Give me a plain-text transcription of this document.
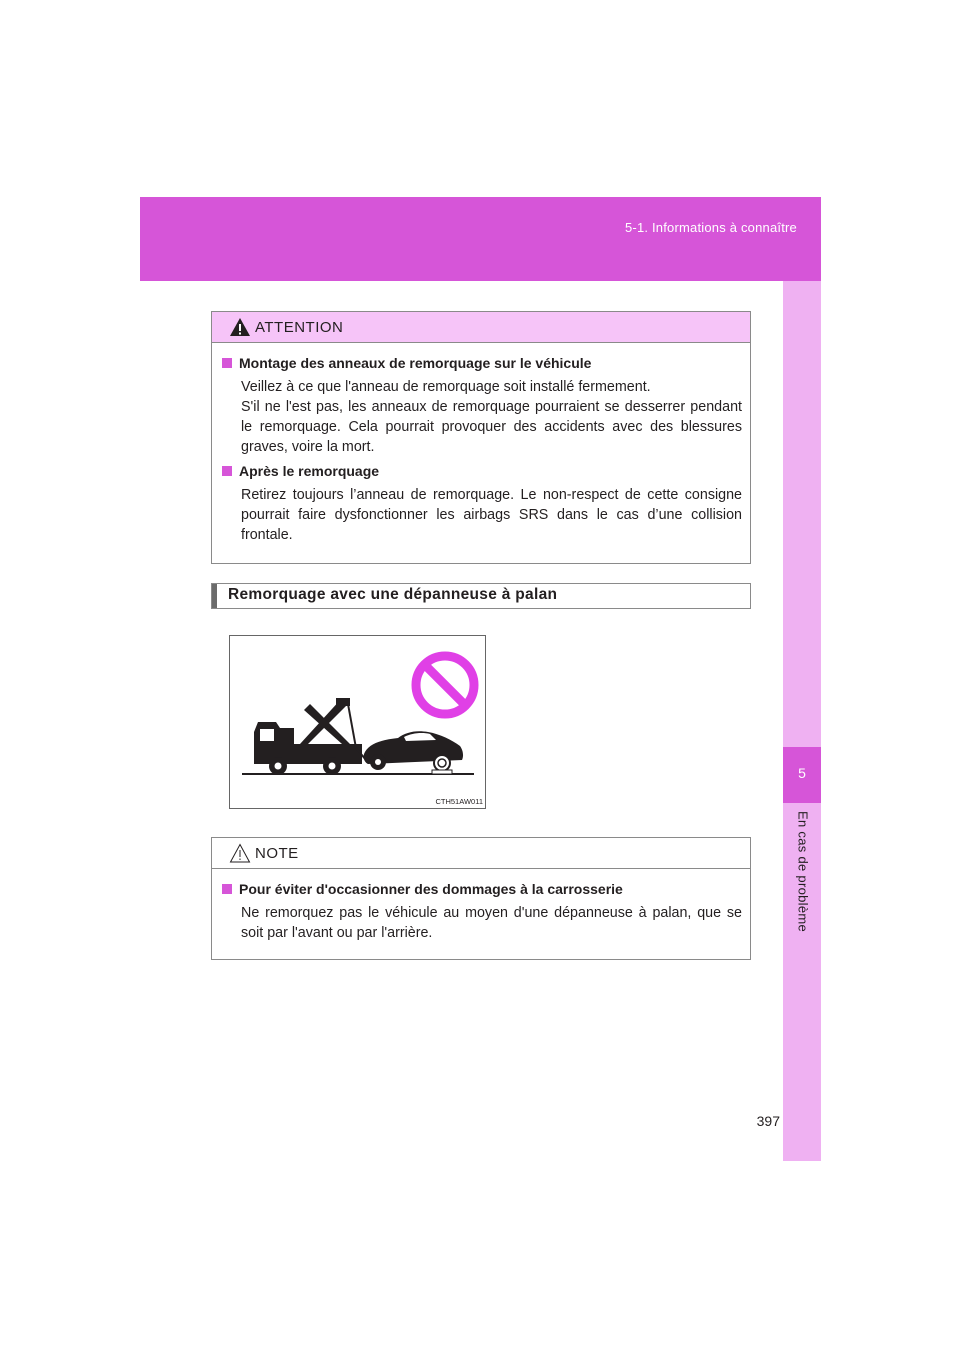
5-1. Informations à connaître
5
En cas de problème
ATTENTION
Montage des anneaux de remorquage sur le véhicule

Veillez à ce que l'anneau de remorquage soit installé fermement.

S'il ne l'est pas, les anneaux de remorquage pourraient se desserrer pendant le remorquage. Cela pourrait provoquer des accidents avec des blessures graves, voire la mort.

Après le remorquage

Retirez toujours l’anneau de remorquage. Le non-respect de cette consigne pourrait faire dysfonctionner les airbags SRS dans le cas d’une collision frontale.

Remorquage avec une dépanneuse à palan
CTH51AW011
NOTE
Pour éviter d'occasionner des dommages à la carrosserie

Ne remorquez pas le véhicule au moyen d'une dépanneuse à palan, que se soit par l'avant ou par l'arrière.

397
